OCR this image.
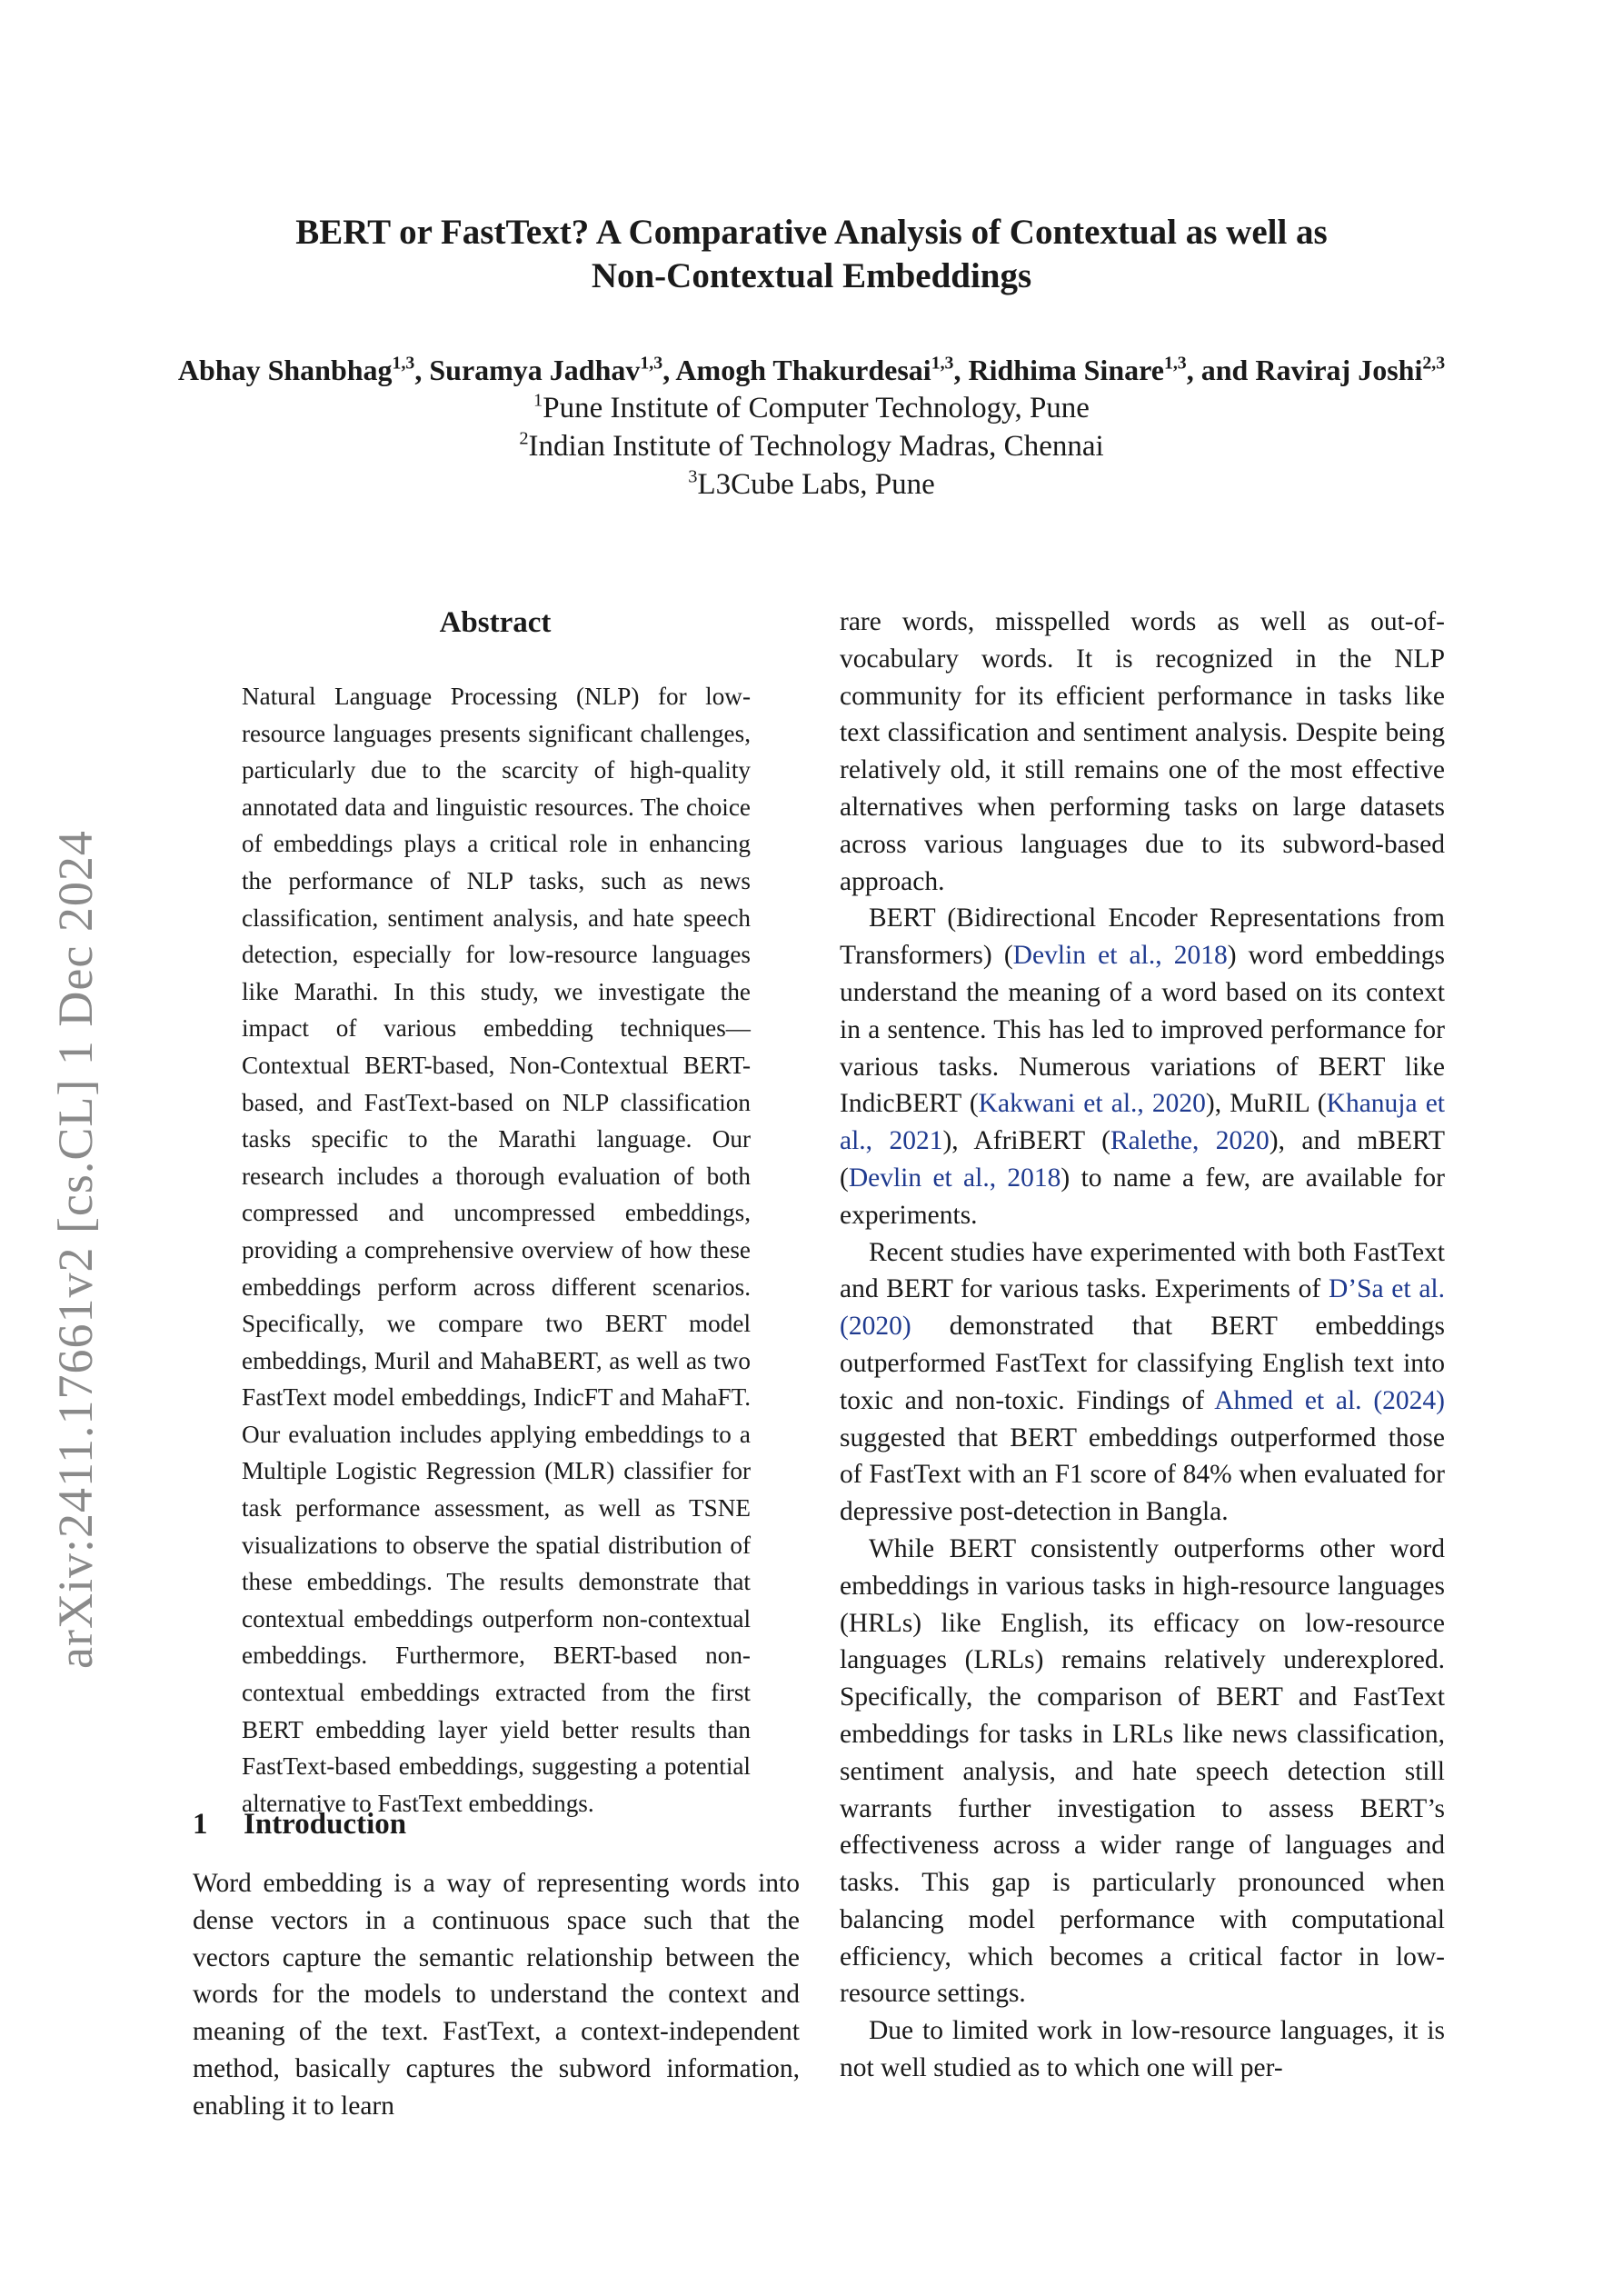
BERT or FastText? A Comparative Analysis of Contextual as well as
Non-Contextual Embeddings
Abhay Shanbhag$^{1,3}$, Suramya Jadhav$^{1,3}$, Amogh Thakurdesai$^{1,3}$, Ridhima Sinare$^{1,3}$, and Raviraj Joshi$^{2,3}$
$^1$Pune Institute of Computer Technology, Pune
$^2$Indian Institute of Technology Madras, Chennai
$^3$L3Cube Labs, Pune
arXiv:2411.17661v2 [cs.CL] 1 Dec 2024
Abstract

Natural Language Processing (NLP) for low-resource languages presents significant challenges, particularly due to the scarcity of high-quality annotated data and linguistic resources. The choice of embeddings plays a critical role in enhancing the performance of NLP tasks, such as news classification, sentiment analysis, and hate speech detection, especially for low-resource languages like Marathi. In this study, we investigate the impact of various embedding techniques—Contextual BERT-based, Non-Contextual BERT-based, and FastText-based on NLP classification tasks specific to the Marathi language. Our research includes a thorough evaluation of both compressed and uncompressed embeddings, providing a comprehensive overview of how these embeddings perform across different scenarios. Specifically, we compare two BERT model embeddings, Muril and MahaBERT, as well as two FastText model embeddings, IndicFT and MahaFT. Our evaluation includes applying embeddings to a Multiple Logistic Regression (MLR) classifier for task performance assessment, as well as TSNE visualizations to observe the spatial distribution of these embeddings. The results demonstrate that contextual embeddings outperform non-contextual embeddings. Furthermore, BERT-based non-contextual embeddings extracted from the first BERT embedding layer yield better results than FastText-based embeddings, suggesting a potential alternative to FastText embeddings.

1 Introduction

Word embedding is a way of representing words into dense vectors in a continuous space such that the vectors capture the semantic relationship between the words for the models to understand the context and meaning of the text. FastText, a context-independent method, basically captures the subword information, enabling it to learn

rare words, misspelled words as well as out-of-vocabulary words. It is recognized in the NLP community for its efficient performance in tasks like text classification and sentiment analysis. Despite being relatively old, it still remains one of the most effective alternatives when performing tasks on large datasets across various languages due to its subword-based approach.

BERT (Bidirectional Encoder Representations from Transformers) (Devlin et al., 2018) word embeddings understand the meaning of a word based on its context in a sentence. This has led to improved performance for various tasks. Numerous variations of BERT like IndicBERT (Kakwani et al., 2020), MuRIL (Khanuja et al., 2021), AfriBERT (Ralethe, 2020), and mBERT (Devlin et al., 2018) to name a few, are available for experiments.

Recent studies have experimented with both FastText and BERT for various tasks. Experiments of D’Sa et al. (2020) demonstrated that BERT embeddings outperformed FastText for classifying English text into toxic and non-toxic. Findings of Ahmed et al. (2024) suggested that BERT embeddings outperformed those of FastText with an F1 score of 84% when evaluated for depressive post-detection in Bangla.

While BERT consistently outperforms other word embeddings in various tasks in high-resource languages (HRLs) like English, its efficacy on low-resource languages (LRLs) remains relatively underexplored. Specifically, the comparison of BERT and FastText embeddings for tasks in LRLs like news classification, sentiment analysis, and hate speech detection still warrants further investigation to assess BERT’s effectiveness across a wider range of languages and tasks. This gap is particularly pronounced when balancing model performance with computational efficiency, which becomes a critical factor in low-resource settings.

Due to limited work in low-resource languages, it is not well studied as to which one will per-
